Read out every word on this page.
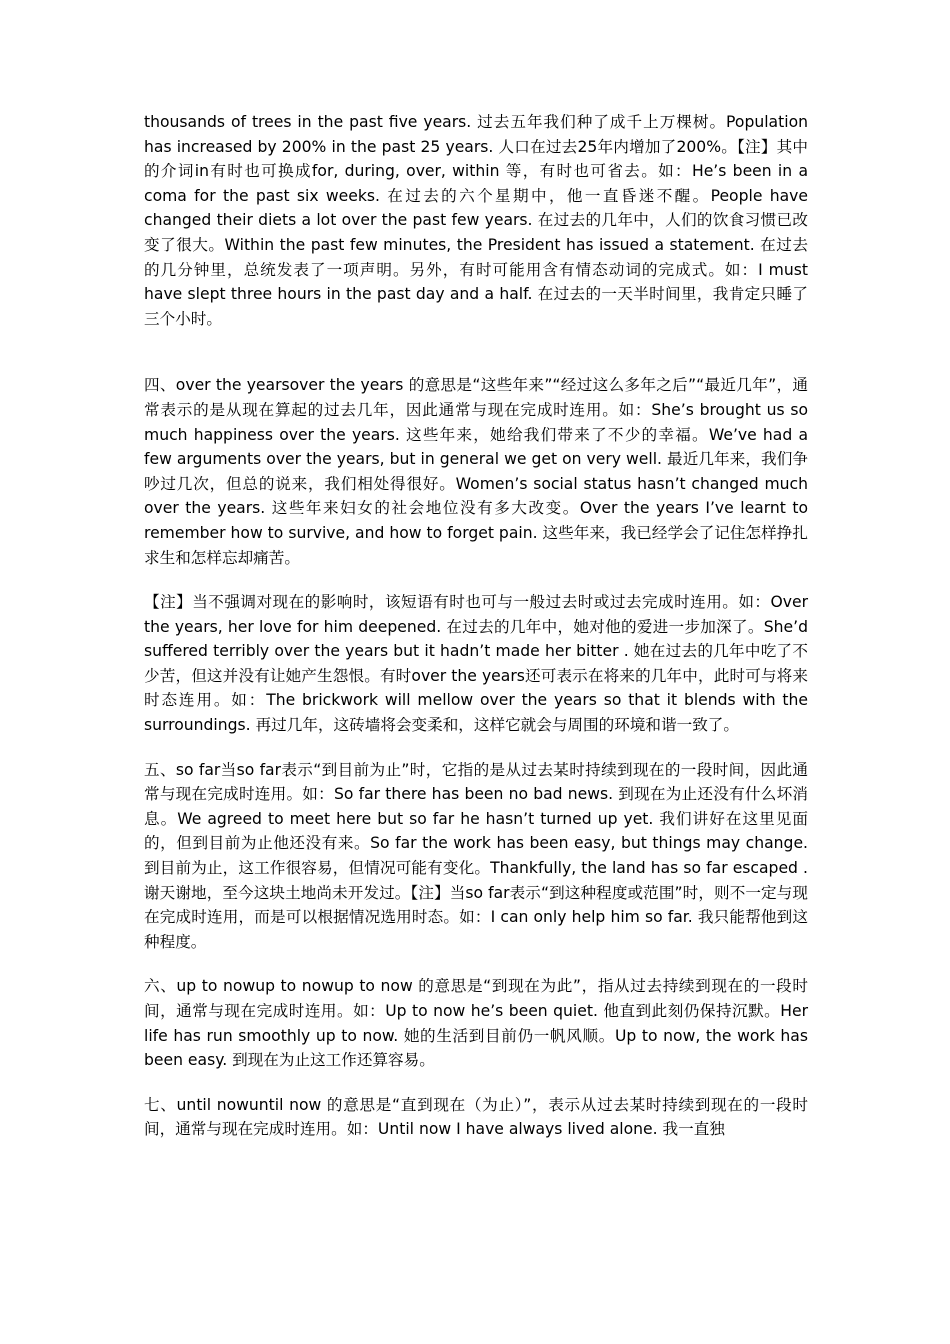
thousands of trees in the past five years. 过去五年我们种了成千上万棵树。Population has increased by 200% in the past 25 years. 人口在过去25年内增加了200%。【注】其中的介词in有时也可换成for, during, over, within 等，有时也可省去。如：He’s been in a coma for the past six weeks. 在过去的六个星期中，他一直昏迷不醒。People have changed their diets a lot over the past few years. 在过去的几年中，人们的饮食习惯已改变了很大。Within the past few minutes, the President has issued a statement. 在过去的几分钟里，总统发表了一项声明。另外，有时可能用含有情态动词的完成式。如：I must have slept three hours in the past day and a half. 在过去的一天半时间里，我肯定只睡了三个小时。

四、over the yearsover the years 的意思是“这些年来”“经过这么多年之后”“最近几年”，通常表示的是从现在算起的过去几年，因此通常与现在完成时连用。如：She’s brought us so much happiness over the years. 这些年来，她给我们带来了不少的幸福。We’ve had a few arguments over the years, but in general we get on very well. 最近几年来，我们争吵过几次，但总的说来，我们相处得很好。Women’s social status hasn’t changed much over the years. 这些年来妇女的社会地位没有多大改变。Over the years I’ve learnt to remember how to survive, and how to forget pain. 这些年来，我已经学会了记住怎样挣扎求生和怎样忘却痛苦。

【注】当不强调对现在的影响时，该短语有时也可与一般过去时或过去完成时连用。如：Over the years, her love for him deepened. 在过去的几年中，她对他的爱进一步加深了。She’d suffered terribly over the years but it hadn’t made her bitter . 她在过去的几年中吃了不少苦，但这并没有让她产生怨恨。有时over the years还可表示在将来的几年中，此时可与将来时态连用。如：The brickwork will mellow over the years so that it blends with the surroundings. 再过几年，这砖墙将会变柔和，这样它就会与周围的环境和谐一致了。

五、so far当so far表示“到目前为止”时，它指的是从过去某时持续到现在的一段时间，因此通常与现在完成时连用。如：So far there has been no bad news. 到现在为止还没有什么坏消息。We agreed to meet here but so far he hasn’t turned up yet. 我们讲好在这里见面的，但到目前为止他还没有来。So far the work has been easy, but things may change. 到目前为止，这工作很容易，但情况可能有变化。Thankfully, the land has so far escaped . 谢天谢地，至今这块土地尚未开发过。【注】当so far表示“到这种程度或范围”时，则不一定与现在完成时连用，而是可以根据情况选用时态。如：I can only help him so far. 我只能帮他到这种程度。

六、up to nowup to nowup to now 的意思是“到现在为此”，指从过去持续到现在的一段时间，通常与现在完成时连用。如：Up to now he’s been quiet. 他直到此刻仍保持沉默。Her life has run smoothly up to now. 她的生活到目前仍一帆风顺。Up to now, the work has been easy. 到现在为止这工作还算容易。

七、until nowuntil now 的意思是“直到现在（为止）”，表示从过去某时持续到现在的一段时间，通常与现在完成时连用。如：Until now I have always lived alone. 我一直独
